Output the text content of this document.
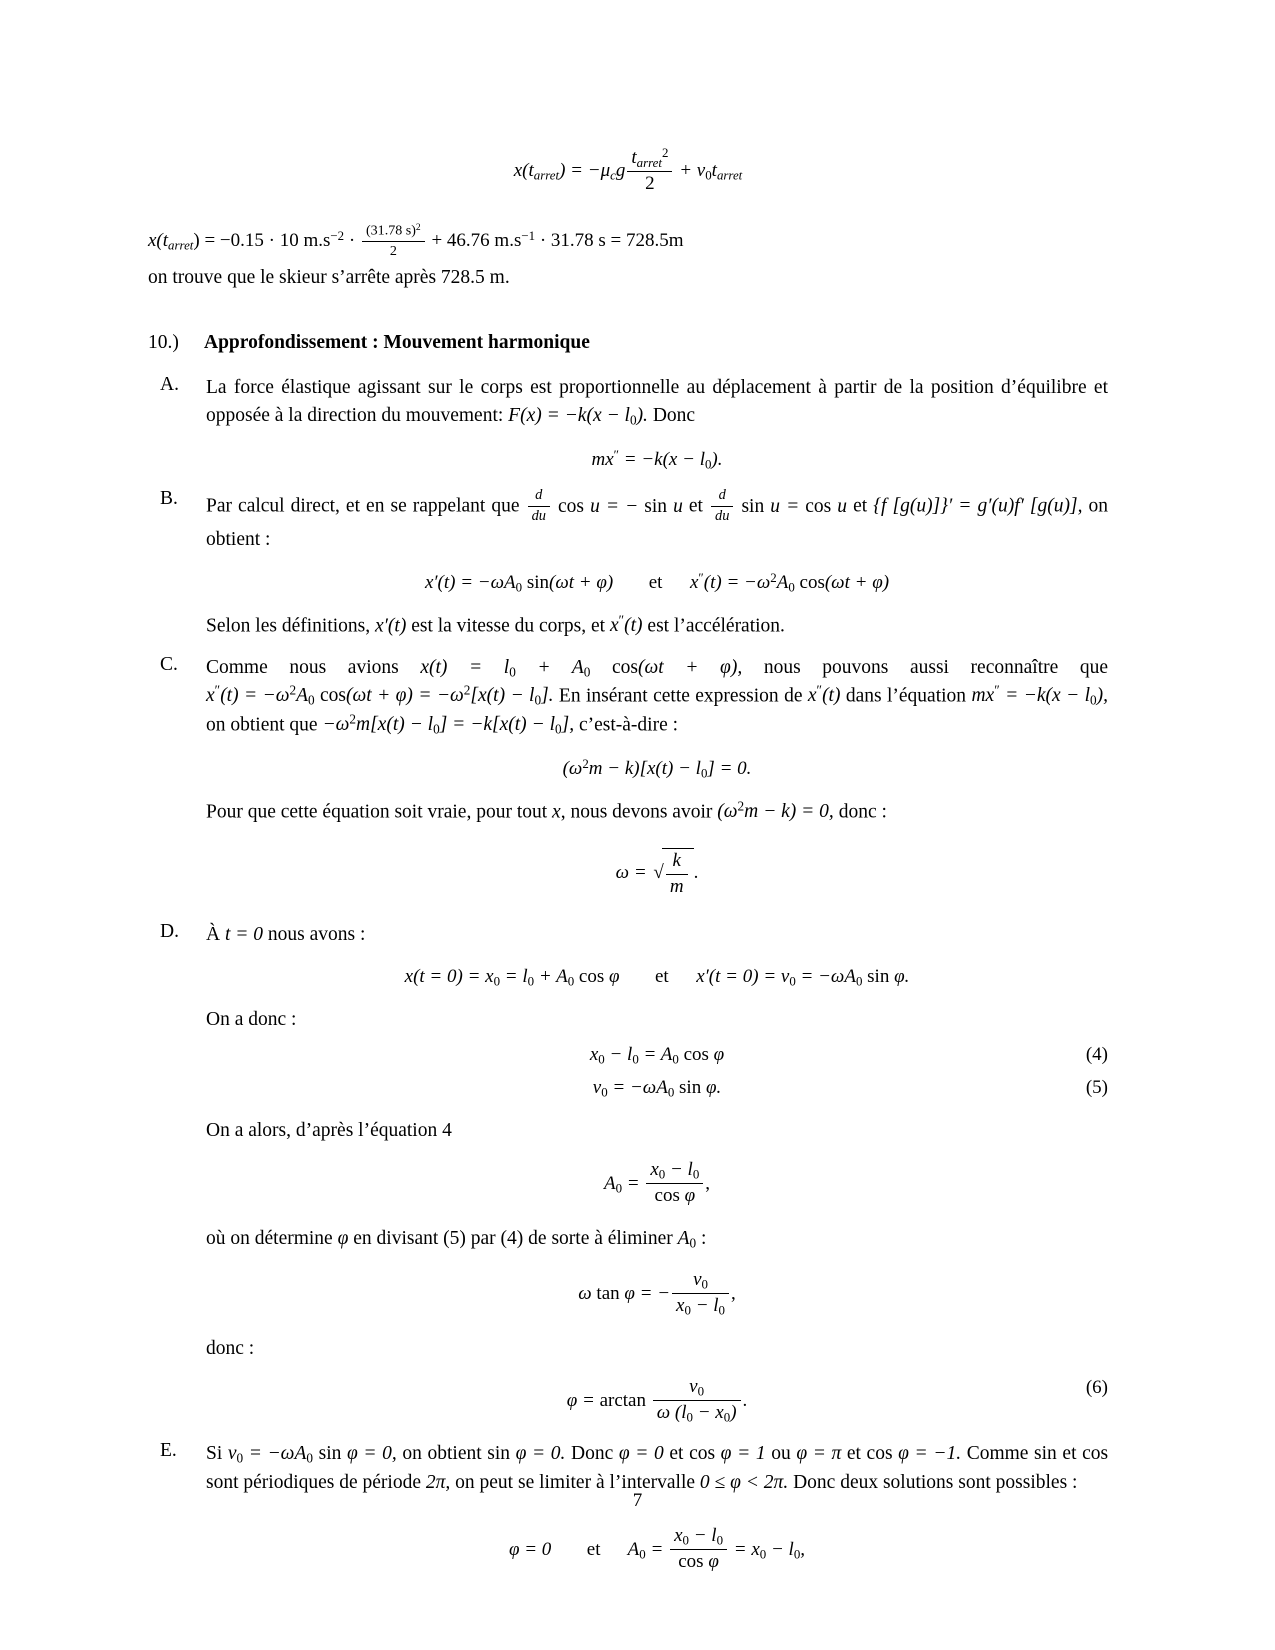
$x(t_{arret}) = -\mu_cg \frac{t_{arret}^2}{2} + v_0t_{arret}$
$x(t_{arret}) = -0.15 \cdot 10$ $m.s^{-2} \cdot \frac{(31.78 s)^2}{2} + 46.76$ $m.s^{-1} \cdot 31.78$ s = 728.5m
on trouve que le skieur s’arrête après 728.5 m.
10.)	Approfondissement : Mouvement harmonique
A.	La force élastique agissant sur le corps est proportionnelle au déplacement à partir de la position d’équilibre et opposée à la direction du mouvement: $F(x) = -k(x - l_0)$. Donc
$mx'' = -k(x - l_0)$.
B.	Par calcul direct, et en se rappelant que $\frac{d}{du}$ cos u = − sin u et $\frac{d}{du}$ sin u = cos u et {f [g(u)]}′ = g′(u)f′ [g(u)], on obtient :
$x'(t) = -\omega A_0$ sin(ωt + φ) et $x''(t) = -\omega^2A_0$ cos(ωt + φ)
Selon les définitions, x′(t) est la vitesse du corps, et x″(t) est l’accélération.
C.	Comme nous avions $x(t) = l_0 + A_0$ cos(ωt + φ), nous pouvons aussi reconnaître que $x''(t) = -\omega^2A_0$ $\cos(\omega t + \varphi) = -\omega^2[x(t) - l_0]$. En insérant cette expression de x″(t) dans l’équation $mx'' = -k(x - l_0)$, on obtient que $-\omega^2m[x(t) - l_0] = -k[x(t) - l_0]$, c’est-à-dire :
$(\omega^2m - k)[x(t) - l_0] = 0$.
Pour que cette équation soit vraie, pour tout x, nous devons avoir $(\omega^2m - k) = 0$, donc :
ω = √ $\frac{k}{m}$ .
D.	À t = 0 nous avons :
$x(t = 0) = x_0 = l_0 + A_0$ cos φ et $x'(t = 0) = v_0 = -\omega A_0$ sin φ.
On a donc :
$x_0 - l_0 = A_0$ cos φ	(4)
$v_0 = -\omega A_0$ sin φ.	(5)
On a alors, d’après l’équation 4
$A_0 = \frac{x_0 - l_0}{\text{cos φ}}$ ,
où on détermine φ en divisant (5) par (4) de sorte à éliminer $A_0$ :
ω tan φ = − $\frac{v_0}{x_0 - l_0}$ ,
donc :
$\varphi = \arctan \frac{v_0}{\omega (l_0 - x_0)}$ .
(6)
E.	Si $v_0 = -\omega A_0$ sin φ = 0, on obtient sin φ = 0. Donc φ = 0 et cos φ = 1 ou φ = π et cos φ = −1. Comme sin et cos sont périodiques de période 2π, on peut se limiter à l’intervalle 0 ≤ φ < 2π. Donc deux solutions sont possibles :
φ = 0 et $A_0 = \frac{x_0 - l_0}{\text{cos φ}} = x_0 - l_0$,
7
